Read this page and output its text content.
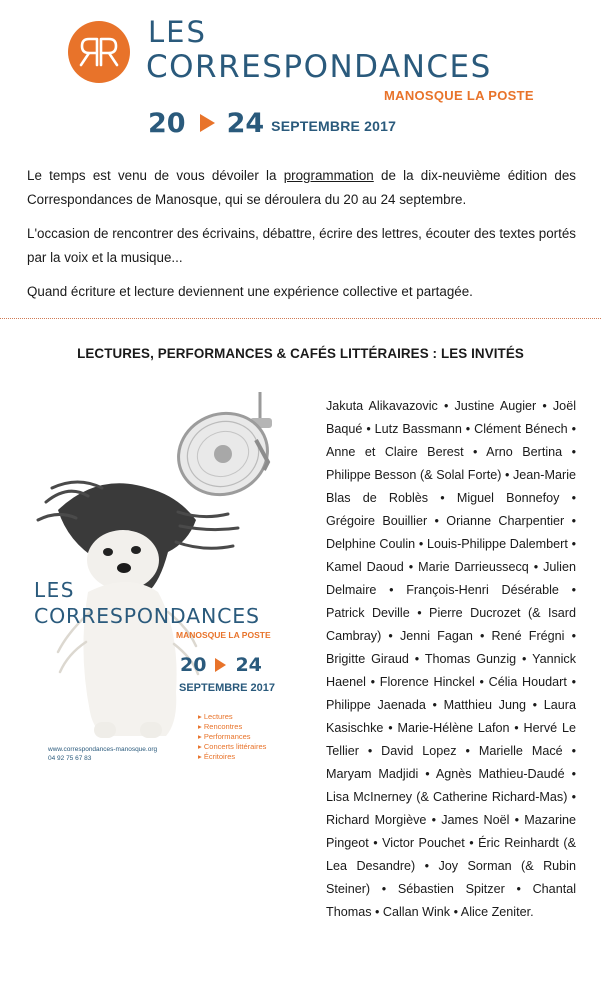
LES
CORRESPONDANCES
MANOSQUE LA POSTE
20 24 SEPTEMBRE 2017

Le temps est venu de vous dévoiler la programmation de la dix-neuvième édition des Correspondances de Manosque, qui se déroulera du 20 au 24 septembre.

L'occasion de rencontrer des écrivains, débattre, écrire des lettres, écouter des textes portés par la voix et la musique...

Quand écriture et lecture deviennent une expérience collective et partagée.

LECTURES, PERFORMANCES & CAFÉS LITTÉRAIRES : LES INVITÉS
LES
CORRESPONDANCES
MANOSQUE LA POSTE
20 24
SEPTEMBRE 2017
▸ Lectures
▸ Rencontres
▸ Performances
▸ Concerts littéraires
▸ Écritoires
www.correspondances-manosque.org
04 92 75 67 83
Jakuta Alikavazovic • Justine Augier • Joël Baqué • Lutz Bassmann • Clément Bénech • Anne et Claire Berest • Arno Bertina • Philippe Besson (& Solal Forte) • Jean-Marie Blas de Roblès • Miguel Bonnefoy • Grégoire Bouillier • Orianne Charpentier • Delphine Coulin • Louis-Philippe Dalembert • Kamel Daoud • Marie Darrieussecq • Julien Delmaire • François-Henri Désérable • Patrick Deville • Pierre Ducrozet (& Isard Cambray) • Jenni Fagan • René Frégni • Brigitte Giraud • Thomas Gunzig • Yannick Haenel • Florence Hinckel • Célia Houdart • Philippe Jaenada • Matthieu Jung • Laura Kasischke • Marie-Hélène Lafon • Hervé Le Tellier • David Lopez • Marielle Macé • Maryam Madjidi • Agnès Mathieu-Daudé • Lisa McInerney (& Catherine Richard-Mas) • Richard Morgiève • James Noël • Mazarine Pingeot • Victor Pouchet • Éric Reinhardt (& Lea Desandre) • Joy Sorman (& Rubin Steiner) • Sébastien Spitzer • Chantal Thomas • Callan Wink • Alice Zeniter.
